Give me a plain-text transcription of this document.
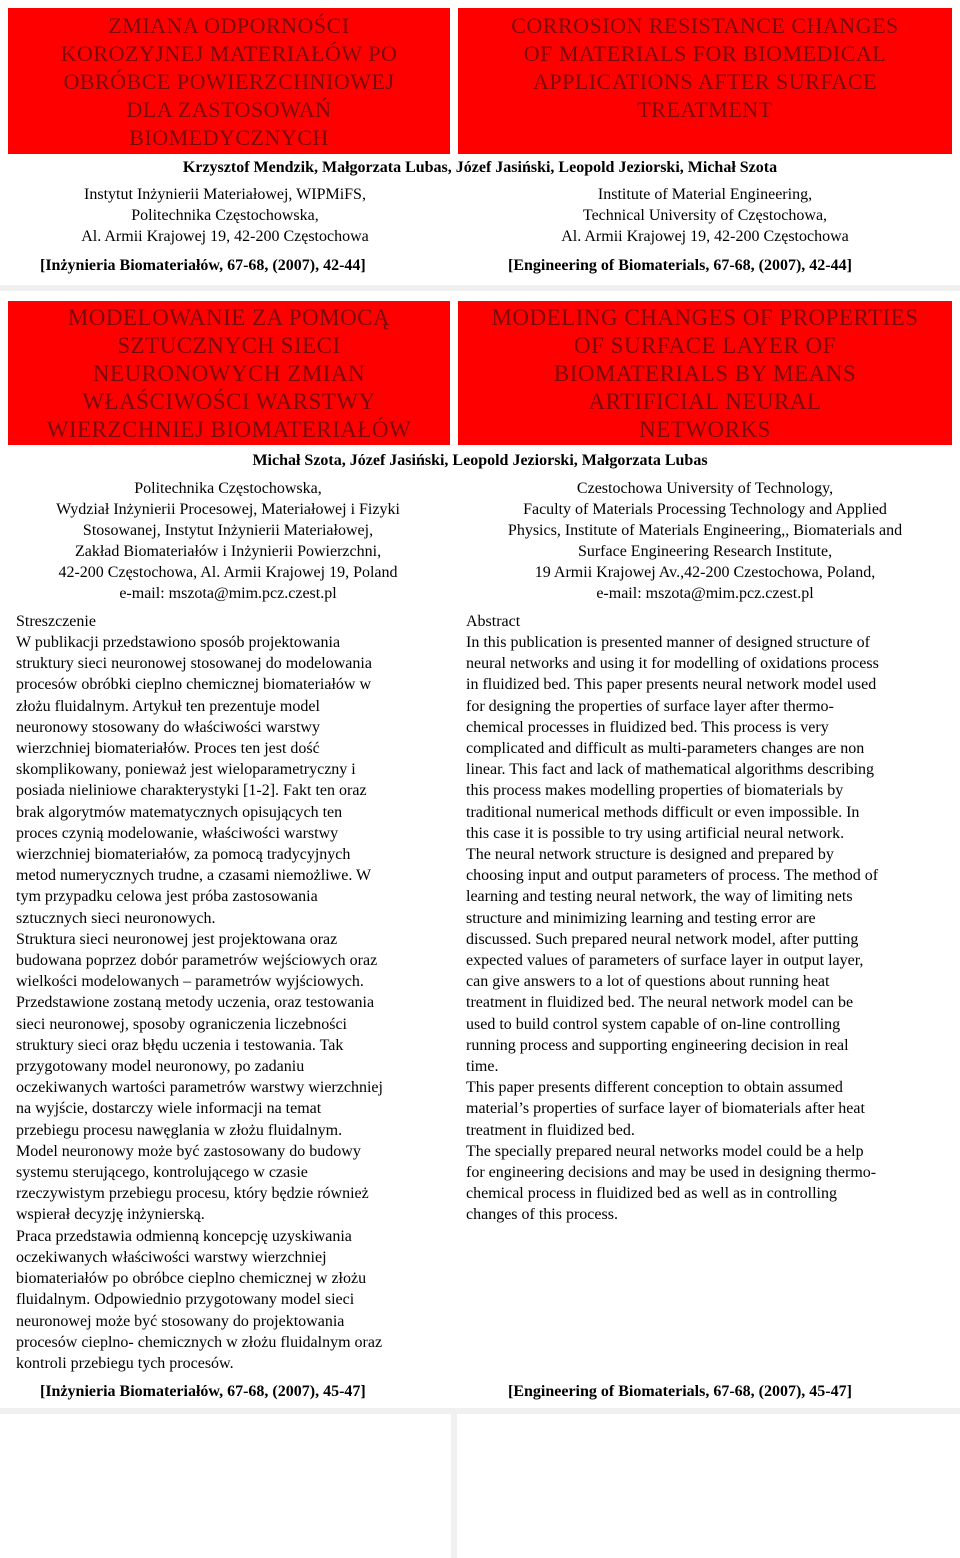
ZMIANA ODPORNOŚCI
KOROZYJNEJ MATERIAŁÓW PO
OBRÓBCE POWIERZCHNIOWEJ
DLA ZASTOSOWAŃ
BIOMEDYCZNYCH
CORROSION RESISTANCE CHANGES
OF MATERIALS FOR BIOMEDICAL
APPLICATIONS AFTER SURFACE
TREATMENT
Krzysztof Mendzik, Małgorzata Lubas, Józef Jasiński, Leopold Jeziorski, Michał Szota
Instytut Inżynierii Materiałowej, WIPMiFS,
Politechnika Częstochowska,
Al. Armii Krajowej 19, 42-200 Częstochowa
Institute of Material Engineering,
Technical University of Częstochowa,
Al. Armii Krajowej 19, 42-200 Częstochowa
[Inżynieria Biomateriałów, 67-68, (2007), 42-44]	[Engineering of Biomaterials, 67-68, (2007), 42-44]
MODELOWANIE ZA POMOCĄ
SZTUCZNYCH SIECI
NEURONOWYCH ZMIAN
WŁAŚCIWOŚCI WARSTWY
WIERZCHNIEJ BIOMATERIAŁÓW
MODELING CHANGES OF PROPERTIES
OF SURFACE LAYER OF
BIOMATERIALS BY MEANS
ARTIFICIAL NEURAL
NETWORKS
Michał Szota, Józef Jasiński, Leopold Jeziorski, Małgorzata Lubas
Politechnika Częstochowska,
Wydział Inżynierii Procesowej, Materiałowej i Fizyki
Stosowanej, Instytut Inżynierii Materiałowej,
Zakład Biomateriałów i Inżynierii Powierzchni,
42-200 Częstochowa, Al. Armii Krajowej 19, Poland
e-mail: mszota@mim.pcz.czest.pl
Czestochowa University of Technology,
Faculty of Materials Processing Technology and Applied
Physics, Institute of Materials Engineering,, Biomaterials and
Surface Engineering Research Institute,
19 Armii Krajowej Av.,42-200 Czestochowa, Poland,
e-mail: mszota@mim.pcz.czest.pl

Streszczenie

W publikacji przedstawiono sposób projektowania

struktury sieci neuronowej stosowanej do modelowania

procesów obróbki cieplno chemicznej biomateriałów w

złożu fluidalnym. Artykuł ten prezentuje model

neuronowy stosowany do właściwości warstwy

wierzchniej biomateriałów. Proces ten jest dość

skomplikowany, ponieważ jest wieloparametryczny i

posiada nieliniowe charakterystyki [1-2]. Fakt ten oraz

brak algorytmów matematycznych opisujących ten

proces czynią modelowanie, właściwości warstwy

wierzchniej biomateriałów, za pomocą tradycyjnych

metod numerycznych trudne, a czasami niemożliwe. W

tym przypadku celowa jest próba zastosowania

sztucznych sieci neuronowych.

Struktura sieci neuronowej jest projektowana oraz

budowana poprzez dobór parametrów wejściowych oraz

wielkości modelowanych – parametrów wyjściowych.

Przedstawione zostaną metody uczenia, oraz testowania

sieci neuronowej, sposoby ograniczenia liczebności

struktury sieci oraz błędu uczenia i testowania. Tak

przygotowany model neuronowy, po zadaniu

oczekiwanych wartości parametrów warstwy wierzchniej

na wyjście, dostarczy wiele informacji na temat

przebiegu procesu nawęglania w złożu fluidalnym.

Model neuronowy może być zastosowany do budowy

systemu sterującego, kontrolującego w czasie

rzeczywistym przebiegu procesu, który będzie również

wspierał decyzję inżynierską.

Praca przedstawia odmienną koncepcję uzyskiwania

oczekiwanych właściwości warstwy wierzchniej

biomateriałów po obróbce cieplno chemicznej w złożu

fluidalnym. Odpowiednio przygotowany model sieci

neuronowej może być stosowany do projektowania

procesów cieplno- chemicznych w złożu fluidalnym oraz

kontroli przebiegu tych procesów.

Abstract

In this publication is presented manner of designed structure of

neural networks and using it for modelling of oxidations process

in fluidized bed. This paper presents neural network model used

for designing the properties of surface layer after thermo-

chemical processes in fluidized bed. This process is very

complicated and difficult as multi-parameters changes are non

linear. This fact and lack of mathematical algorithms describing

this process makes modelling properties of biomaterials by

traditional numerical methods difficult or even impossible. In

this case it is possible to try using artificial neural network.

The neural network structure is designed and prepared by

choosing input and output parameters of process. The method of

learning and testing neural network, the way of limiting nets

structure and minimizing learning and testing error are

discussed. Such prepared neural network model, after putting

expected values of parameters of surface layer in output layer,

can give answers to a lot of questions about running heat

treatment in fluidized bed. The neural network model can be

used to build control system capable of on-line controlling

running process and supporting engineering decision in real

time.

This paper presents different conception to obtain assumed

material’s properties of surface layer of biomaterials after heat

treatment in fluidized bed.

The specially prepared neural networks model could be a help

for engineering decisions and may be used in designing thermo-

chemical process in fluidized bed as well as in controlling

changes of this process.

[Inżynieria Biomateriałów, 67-68, (2007), 45-47]	[Engineering of Biomaterials, 67-68, (2007), 45-47]
